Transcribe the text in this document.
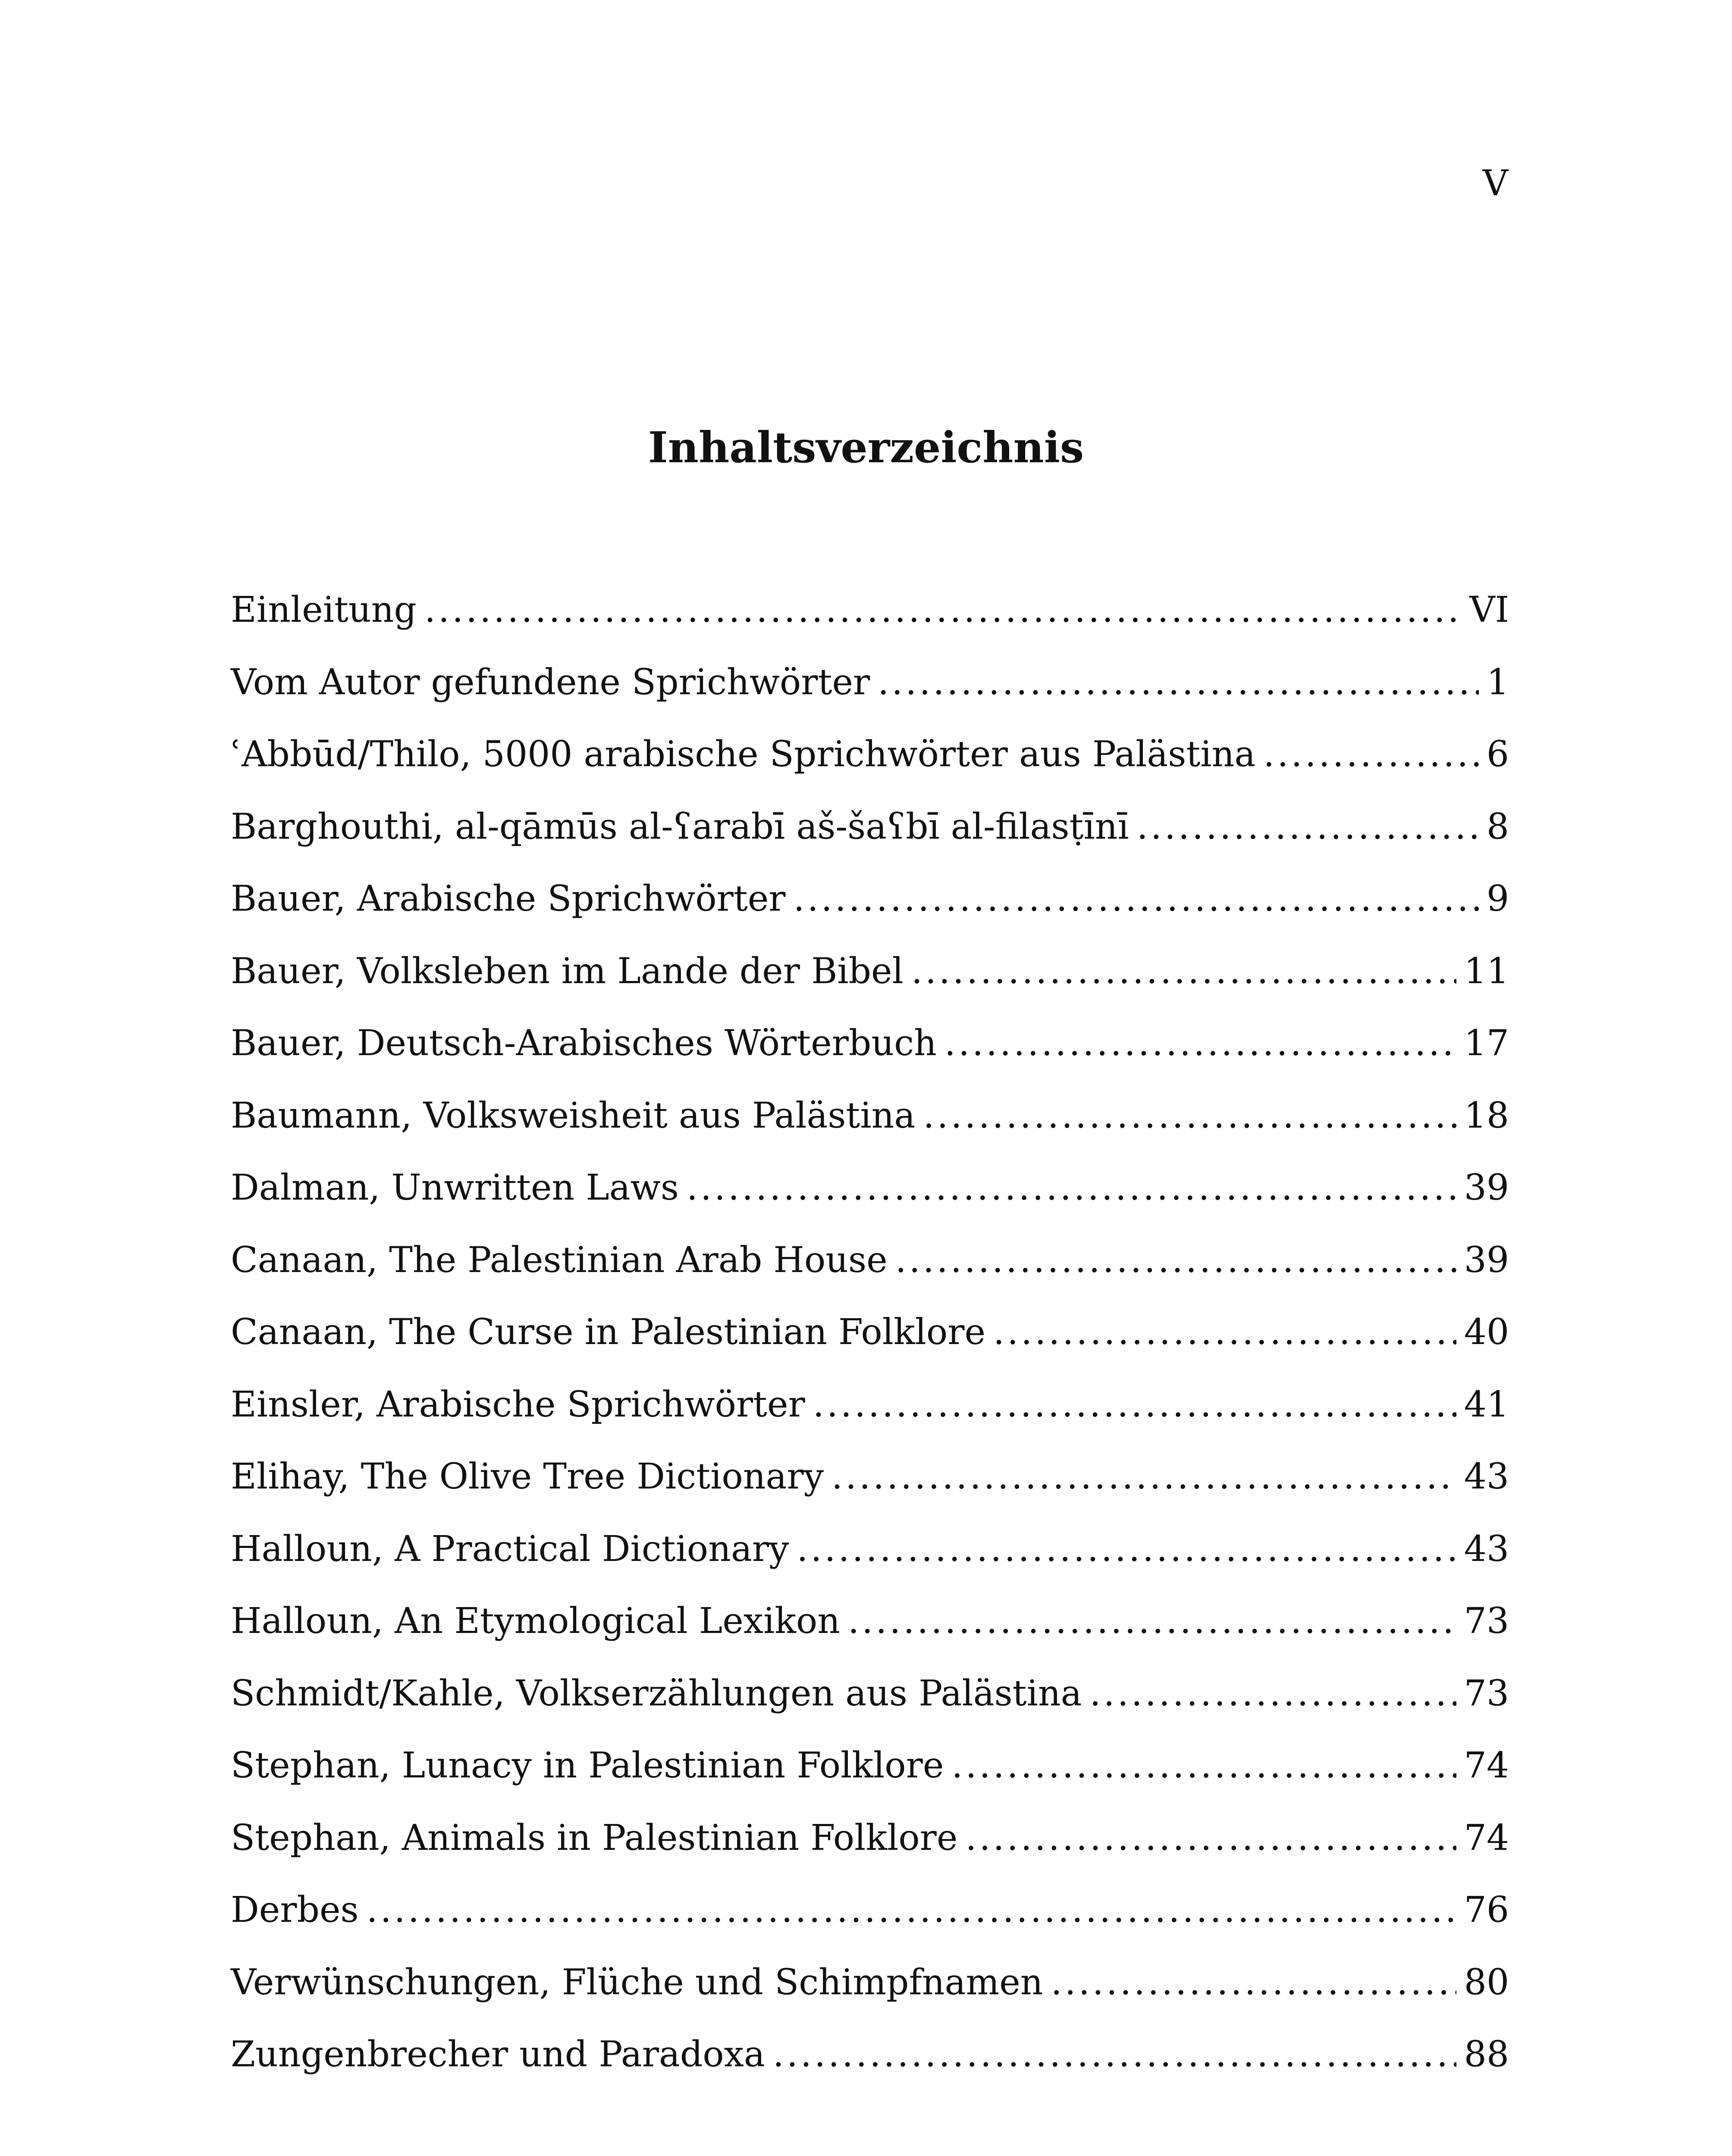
V
Inhaltsverzeichnis
Einleitung .....	VI
Vom Autor gefundene Sprichwörter .....	1
ʿAbbūd/Thilo, 5000 arabische Sprichwörter aus Palästina .....	6
Barghouthi, al-qāmūs al-ʕarabī aš-šaʕbī al-filasṭīnī .....	8
Bauer, Arabische Sprichwörter .....	9
Bauer, Volksleben im Lande der Bibel .....	11
Bauer, Deutsch-Arabisches Wörterbuch .....	17
Baumann, Volksweisheit aus Palästina .....	18
Dalman, Unwritten Laws .....	39
Canaan, The Palestinian Arab House .....	39
Canaan, The Curse in Palestinian Folklore .....	40
Einsler, Arabische Sprichwörter .....	41
Elihay, The Olive Tree Dictionary .....	43
Halloun, A Practical Dictionary .....	43
Halloun, An Etymological Lexikon .....	73
Schmidt/Kahle, Volkserzählungen aus Palästina .....	73
Stephan, Lunacy in Palestinian Folklore .....	74
Stephan, Animals in Palestinian Folklore .....	74
Derbes .....	76
Verwünschungen, Flüche und Schimpfnamen .....	80
Zungenbrecher und Paradoxa .....	88
